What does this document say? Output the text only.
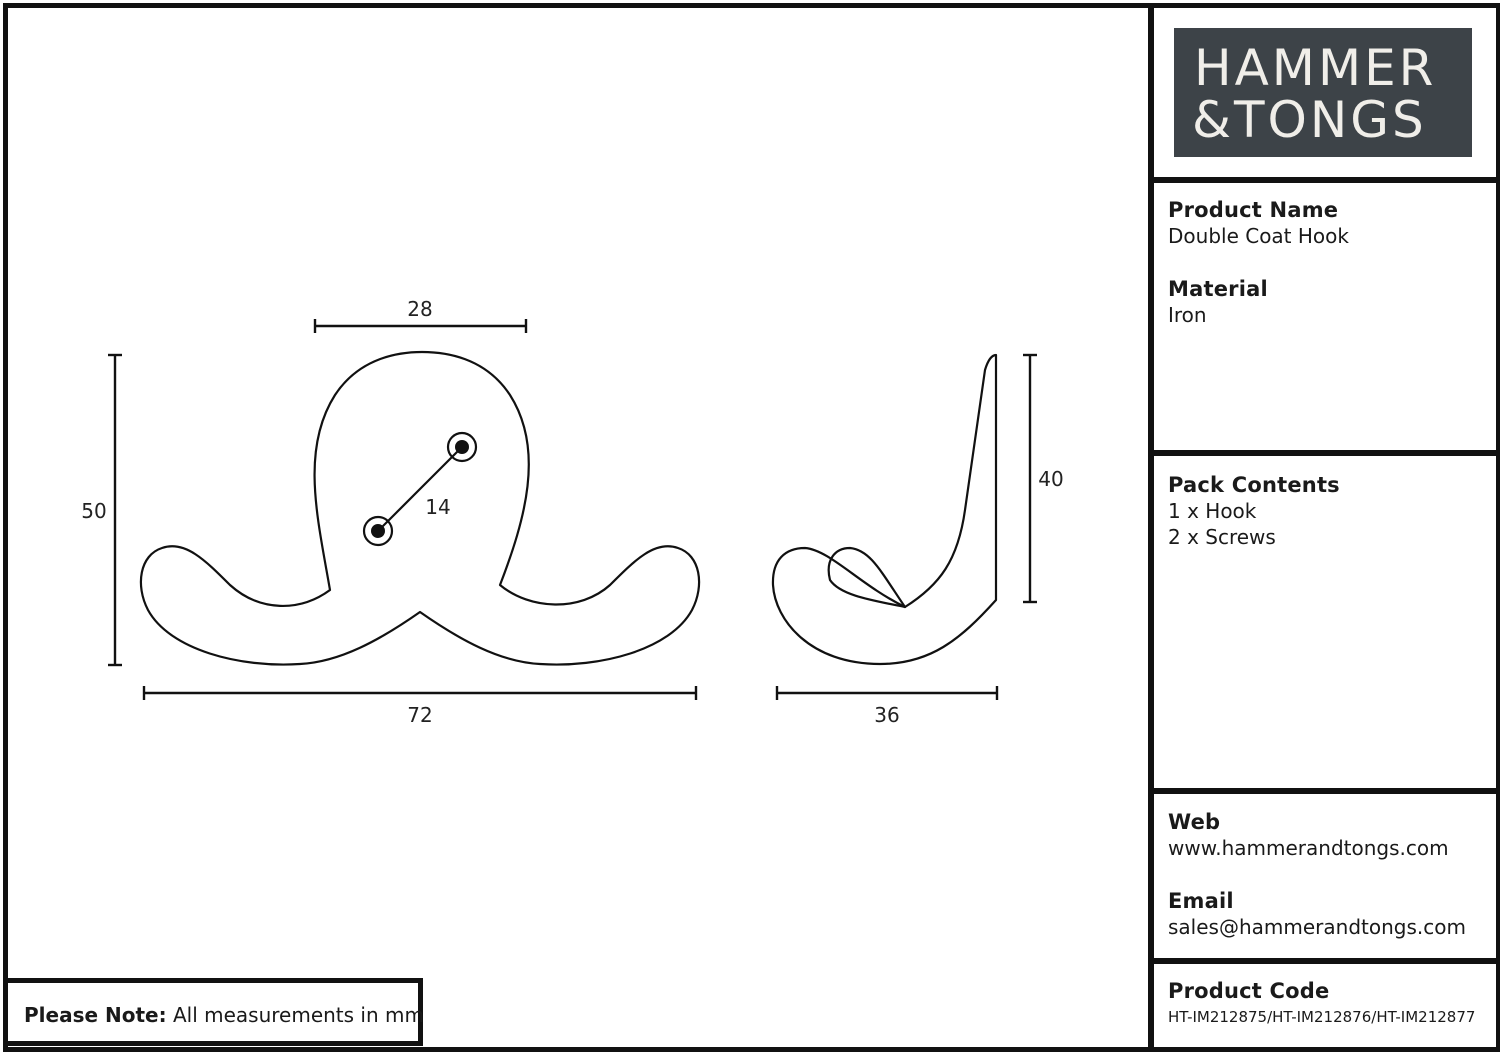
28
50	14
72
40
36

Product Name

Double Coat Hook

Material

Iron

Pack Contents

1 x Hook

2 x Screws

Web

www.hammerandtongs.com

Email

sales@hammerandtongs.com

Product Code

HT-IM212875/HT-IM212876/HT-IM212877

HAMMER
&TONGS
Please Note: All measurements in mm
